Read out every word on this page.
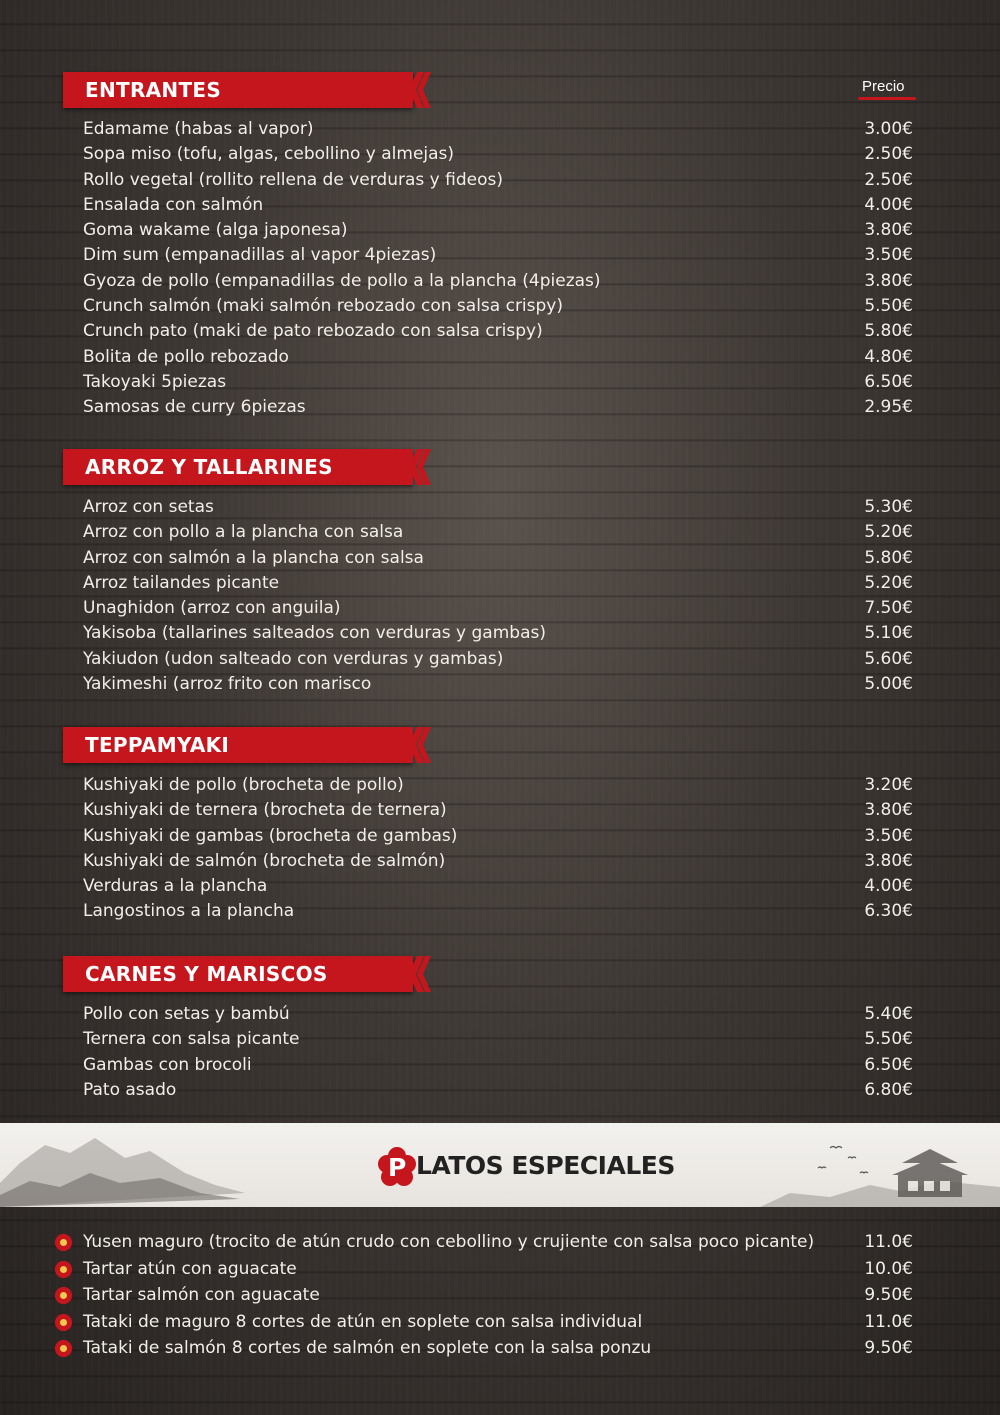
Precio
ENTRANTES
Edamame (habas al vapor)	3.00€
Sopa miso (tofu, algas, cebollino y almejas)	2.50€
Rollo vegetal (rollito rellena de verduras y fideos)	2.50€
Ensalada con salmón	4.00€
Goma wakame (alga japonesa)	3.80€
Dim sum (empanadillas al vapor 4piezas)	3.50€
Gyoza de pollo (empanadillas de pollo a la plancha (4piezas)	3.80€
Crunch salmón (maki salmón rebozado con salsa crispy)	5.50€
Crunch pato (maki de pato rebozado con salsa crispy)	5.80€
Bolita de pollo rebozado	4.80€
Takoyaki 5piezas	6.50€
Samosas de curry 6piezas	2.95€
ARROZ Y TALLARINES
Arroz con setas	5.30€
Arroz con pollo a la plancha con salsa	5.20€
Arroz con salmón a la plancha con salsa	5.80€
Arroz tailandes picante	5.20€
Unaghidon (arroz con anguila)	7.50€
Yakisoba (tallarines salteados con verduras y gambas)	5.10€
Yakiudon (udon salteado con verduras y gambas)	5.60€
Yakimeshi (arroz frito con marisco	5.00€
TEPPAMYAKI
Kushiyaki de pollo (brocheta de pollo)	3.20€
Kushiyaki de ternera (brocheta de ternera)	3.80€
Kushiyaki de gambas (brocheta de gambas)	3.50€
Kushiyaki de salmón (brocheta de salmón)	3.80€
Verduras a la plancha	4.00€
Langostinos a la plancha	6.30€
CARNES Y MARISCOS
Pollo con setas y bambú	5.40€
Ternera con salsa picante	5.50€
Gambas con brocoli	6.50€
Pato asado	6.80€
P LATOS ESPECIALES
Yusen maguro (trocito de atún crudo con cebollino y crujiente con salsa poco picante)	11.0€
Tartar atún con aguacate	10.0€
Tartar salmón con aguacate	9.50€
Tataki de maguro 8 cortes de atún en soplete con salsa individual	11.0€
Tataki de salmón 8 cortes de salmón en soplete con la salsa ponzu	9.50€
